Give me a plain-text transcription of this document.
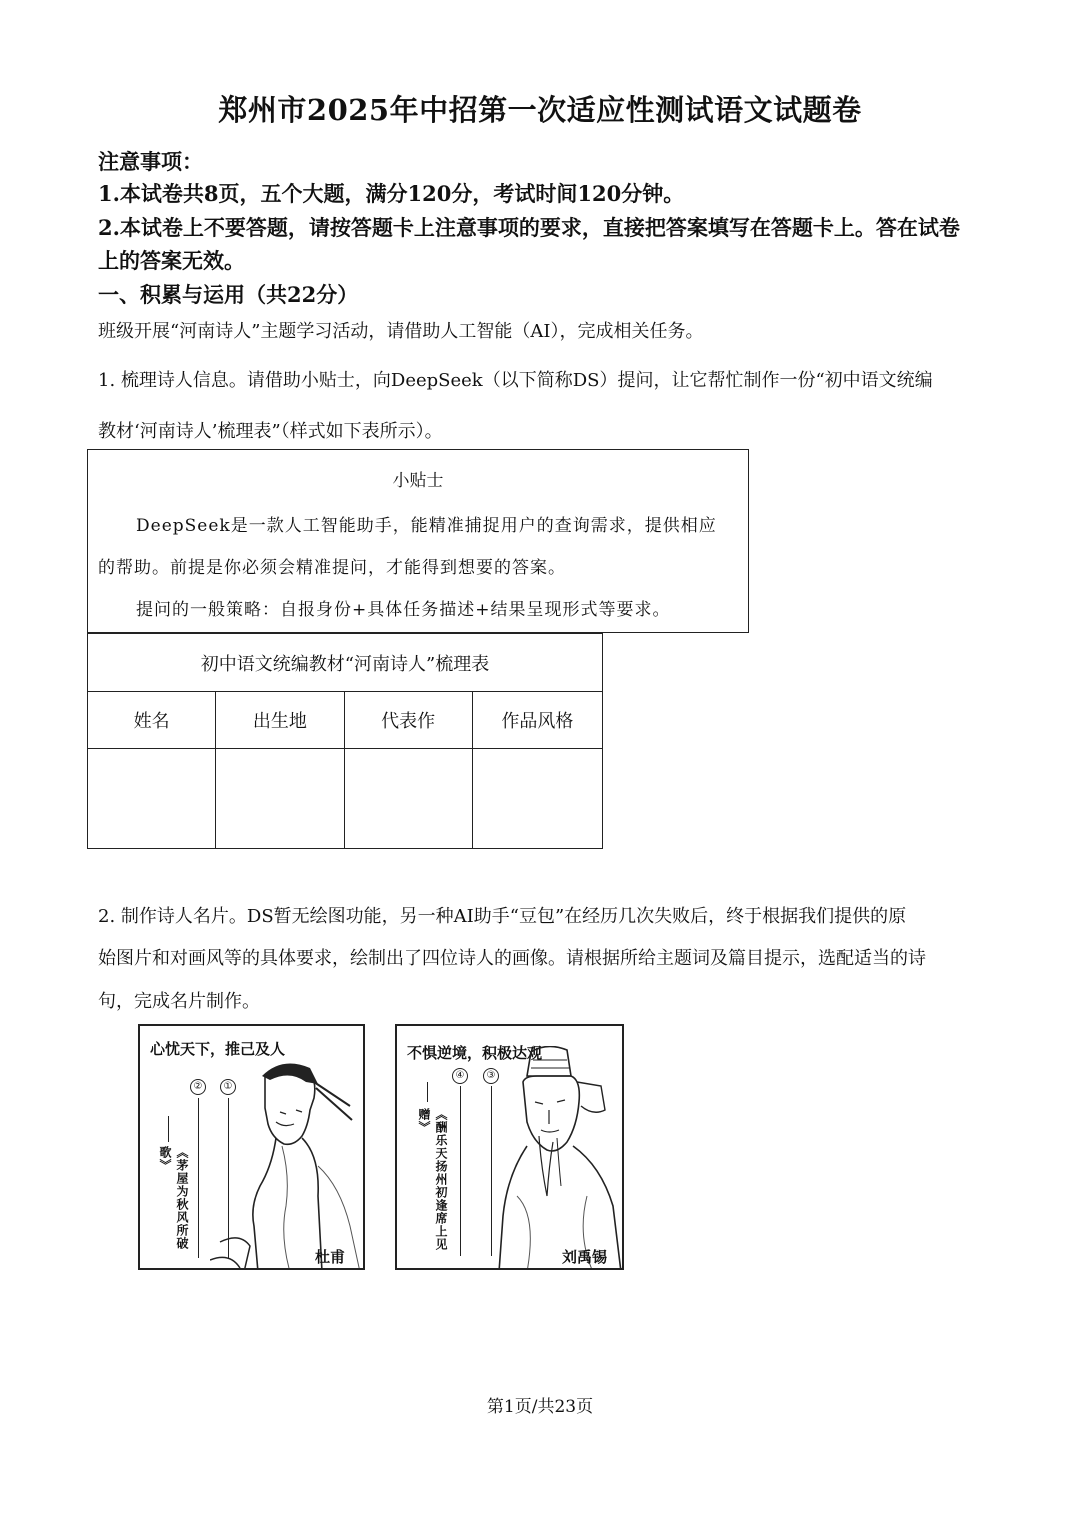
郑州市2025年中招第一次适应性测试语文试题卷
注意事项：
1.本试卷共8页，五个大题，满分120分，考试时间120分钟。
2.本试卷上不要答题，请按答题卡上注意事项的要求，直接把答案填写在答题卡上。答在试卷
上的答案无效。
一、积累与运用（共22分）
班级开展“河南诗人”主题学习活动，请借助人工智能（AI），完成相关任务。
1. 梳理诗人信息。请借助小贴士，向DeepSeek（以下简称DS）提问，让它帮忙制作一份“初中语文统编
教材‘河南诗人’梳理表”（样式如下表所示）。
小贴士
DeepSeek是一款人工智能助手，能精准捕捉用户的查询需求，提供相应
的帮助。前提是你必须会精准提问，才能得到想要的答案。
提问的一般策略：自报身份+具体任务描述+结果呈现形式等要求。
初中语文统编教材“河南诗人”梳理表			
姓名	出生地	代表作	作品风格

2. 制作诗人名片。DS暂无绘图功能，另一种AI助手“豆包”在经历几次失败后，终于根据我们提供的原
始图片和对画风等的具体要求，绘制出了四位诗人的画像。请根据所给主题词及篇目提示，选配适当的诗
句，完成名片制作。
心忧天下，推己及人
②	①
《茅屋为秋风所破歌》
杜甫
不惧逆境，积极达观
④	③
《酬乐天扬州初逢席上见赠》
刘禹锡
第1页/共23页
